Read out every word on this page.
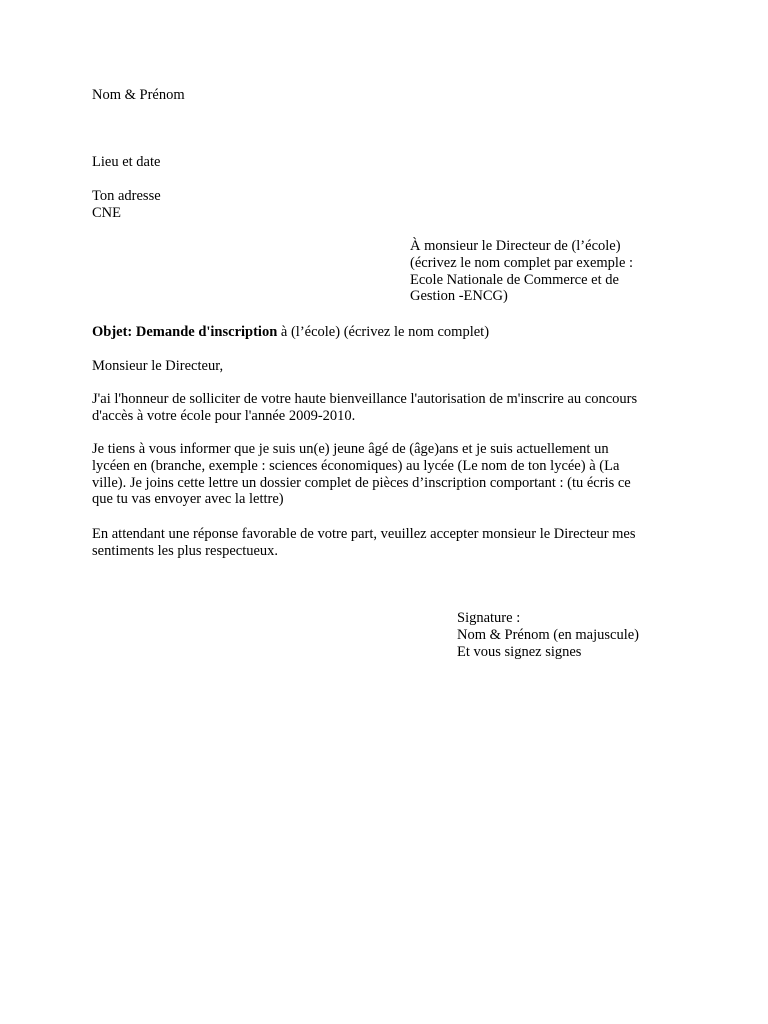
Nom & Prénom
Lieu et date
Ton adresse
CNE
À monsieur le Directeur de (l’école)
(écrivez le nom complet par exemple :
Ecole Nationale de Commerce et de
Gestion -ENCG)
Objet: Demande d'inscription à (l’école) (écrivez le nom complet)
Monsieur le Directeur,
J'ai l'honneur de solliciter de votre haute bienveillance l'autorisation de m'inscrire au concours
d'accès à votre école pour l'année 2009-2010.
Je tiens à vous informer que je suis un(e) jeune âgé de (âge)ans et je suis actuellement un
lycéen en (branche, exemple : sciences économiques) au lycée (Le nom de ton lycée) à (La
ville). Je joins cette lettre un dossier complet de pièces d’inscription comportant : (tu écris ce
que tu vas envoyer avec la lettre)
En attendant une réponse favorable de votre part, veuillez accepter monsieur le Directeur mes
sentiments les plus respectueux.
Signature :
Nom & Prénom (en majuscule)
Et vous signez signes
